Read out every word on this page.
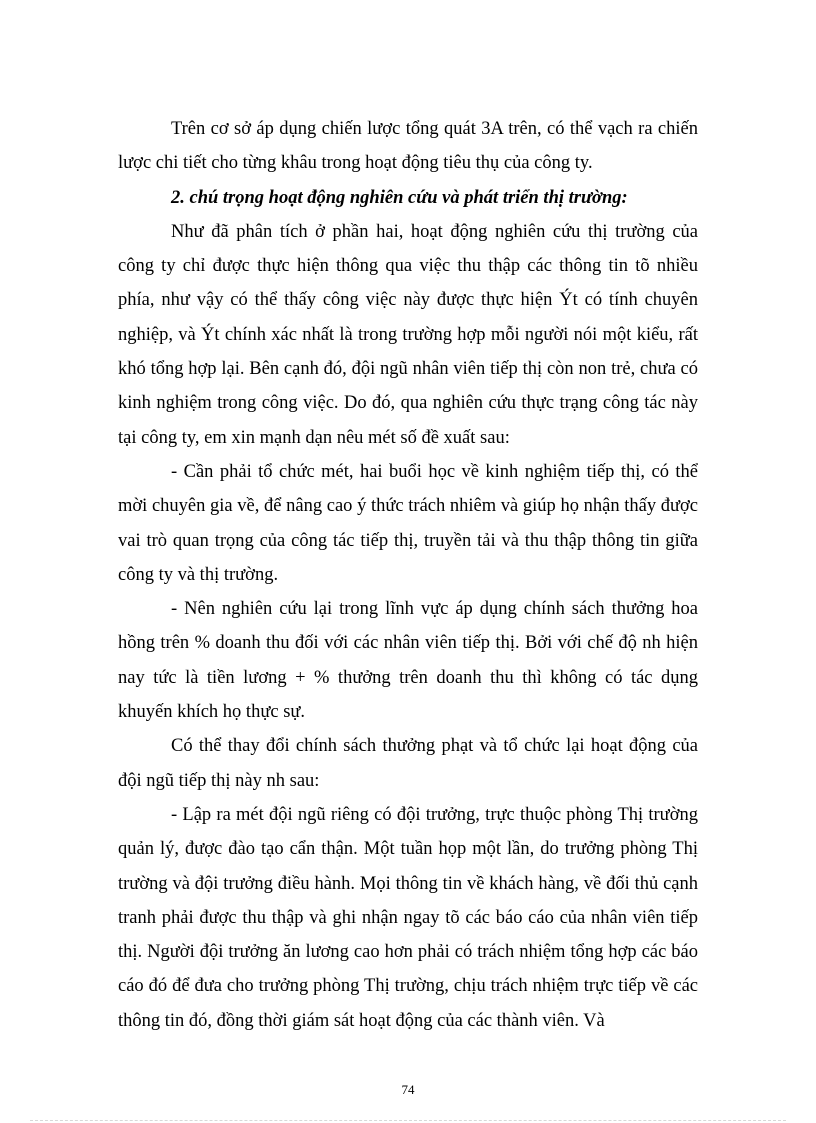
Trên cơ sở áp dụng chiến lược tổng quát 3A trên, có thể vạch ra chiến lược chi tiết cho từng khâu trong hoạt động tiêu thụ của công ty.

2. chú trọng hoạt động nghiên cứu và phát triển thị trường:

Như đã phân tích ở phần hai, hoạt động nghiên cứu thị trường của công ty chỉ được thực hiện thông qua việc thu thập các thông tin tõ nhiều phía, như vậy có thể thấy công việc này được thực hiện Ýt có tính chuyên nghiệp, và Ýt chính xác nhất là trong trường hợp mỗi người nói một kiểu, rất khó tổng hợp lại. Bên cạnh đó, đội ngũ nhân viên tiếp thị còn non trẻ, chưa có kinh nghiệm trong công việc. Do đó, qua nghiên cứu thực trạng công tác này tại công ty, em xin mạnh dạn nêu mét số đề xuất sau:

- Cần phải tổ chức mét, hai buổi học về kinh nghiệm tiếp thị, có thể mời chuyên gia về, để nâng cao ý thức trách nhiêm và giúp họ nhận thấy được vai trò quan trọng của công tác tiếp thị, truyền tải và thu thập thông tin giữa công ty và thị trường.

- Nên nghiên cứu lại trong lĩnh vực áp dụng chính sách thưởng hoa hồng trên % doanh thu đối với các nhân viên tiếp thị. Bởi với chế độ nh hiện nay tức là tiền lương + % thưởng trên doanh thu thì không có tác dụng khuyến khích họ thực sự.

Có thể thay đổi chính sách thưởng phạt và tổ chức lại hoạt động của đội ngũ tiếp thị này nh sau:

- Lập ra mét đội ngũ riêng có đội trưởng, trực thuộc phòng Thị trường quản lý, được đào tạo cẩn thận. Một tuần họp một lần, do trưởng phòng Thị trường và đội trưởng điều hành. Mọi thông tin về khách hàng, về đối thủ cạnh tranh phải được thu thập và ghi nhận ngay tõ các báo cáo của nhân viên tiếp thị. Người đội trưởng ăn lương cao hơn phải có trách nhiệm tổng hợp các báo cáo đó để đưa cho trưởng phòng Thị trường, chịu trách nhiệm trực tiếp về các thông tin đó, đồng thời giám sát hoạt động của các thành viên. Và

74
